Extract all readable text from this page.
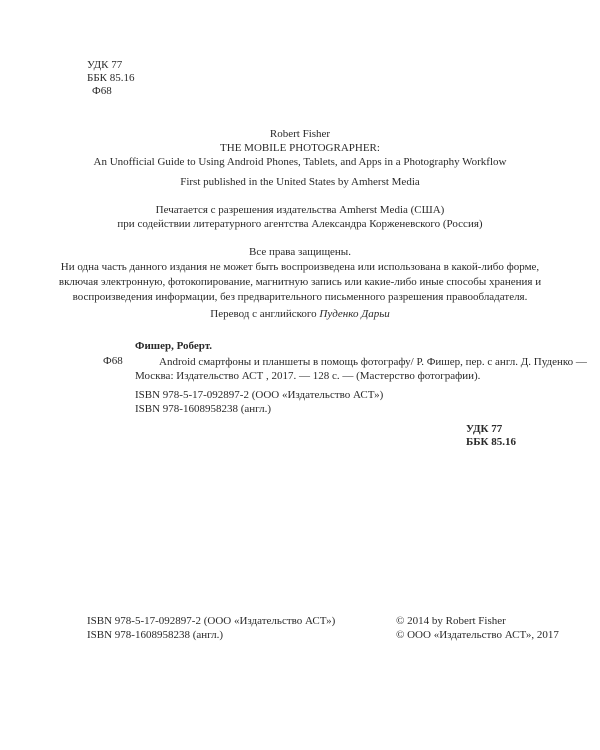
УДК 77
ББК 85.16
Ф68
Robert Fisher
THE MOBILE PHOTOGRAPHER:
An Unofficial Guide to Using Android Phones, Tablets, and Apps in a Photography Workflow
First published in the United States by Amherst Media
Печатается с разрешения издательства Amherst Media (США)
при содействии литературного агентства Александра Корженевского (Россия)
Все права защищены.
Ни одна часть данного издания не может быть воспроизведена или использована в какой-либо форме,
включая электронную, фотокопирование, магнитную запись или какие-либо иные способы хранения и
воспроизведения информации, без предварительного письменного разрешения правообладателя.
Перевод с английского Пуденко Дарьи
Фишер, Роберт.
Ф68	Android смартфоны и планшеты в помощь фотографу/ Р. Фишер, пер. с англ. Д. Пуденко —
Москва: Издательство АСТ , 2017. — 128 с. — (Мастерство фотографии).
ISBN 978-5-17-092897-2 (ООО «Издательство АСТ»)
ISBN 978-1608958238 (англ.)
УДК 77
ББК 85.16
ISBN 978-5-17-092897-2 (ООО «Издательство АСТ»)
ISBN 978-1608958238 (англ.)
© 2014 by Robert Fisher
© ООО «Издательство АСТ», 2017
